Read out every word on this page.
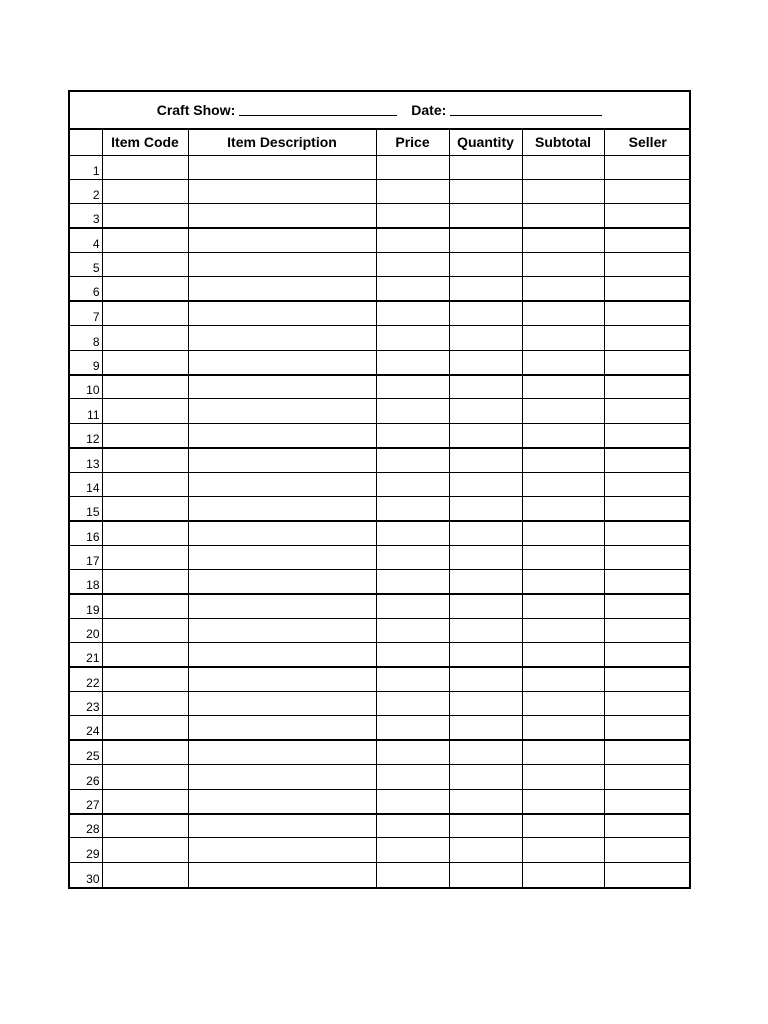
Craft Show:	Date:
	Item Code	Item Description	Price	Quantity	Subtotal	Seller
1						
2						
3						
4						
5						
6						
7						
8						
9						
10						
11						
12						
13						
14						
15						
16						
17						
18						
19						
20						
21						
22						
23						
24						
25						
26						
27						
28						
29						
30						
